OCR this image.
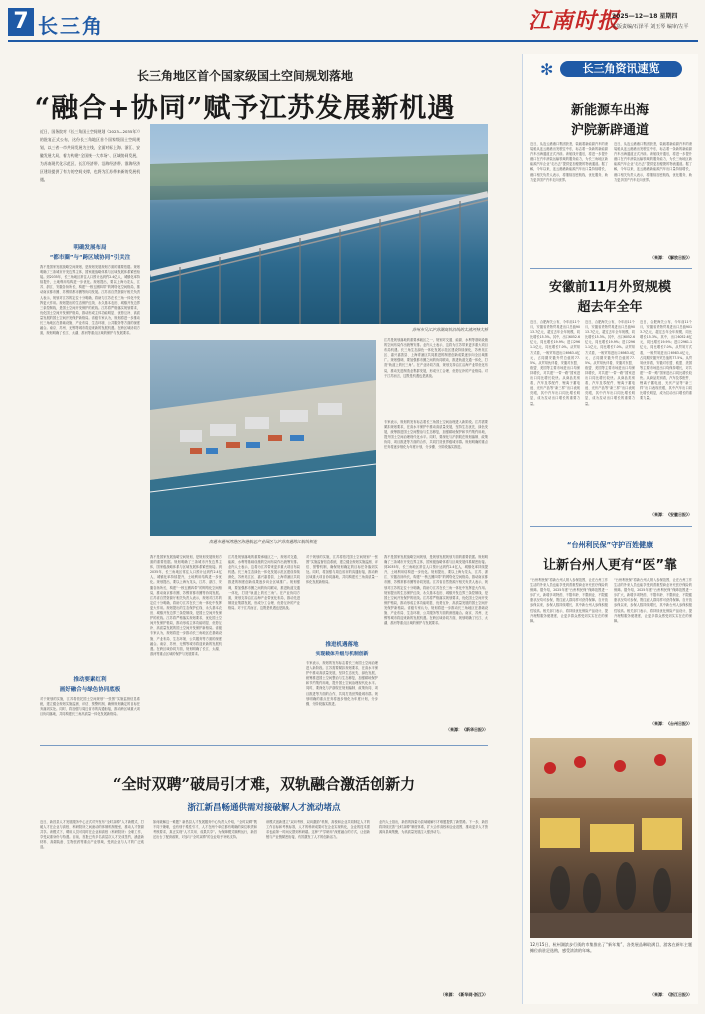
7 长三角	江南时报
2025—12—18 星期四
本版责编/石泽平 刘玉琴 编审/左平
长三角地区首个国家级国土空间规划落地
“融合+协同”赋予江苏发展新机遇
近日，国务院对《长三角国土空间规划（2023—2035年）》的批复正式公布，这份长三角地区首个国家级国土空间规划，以三省一市共同发展为主线，全面对标上海、浙江、安徽发展大局，着力构建“全国统一大市场”、区域协同发展，为苏南现代化示范区、长江经济带、沿海经济带、淮海经济区建设提供了有力的空间支撑，也将为江苏带来新的发展机遇。
苏州市吴江沪苏湖高铁沿线的太浦河特大桥
明确发展布局
“都市圈”与“跨区域协同”引关注
我不是国家发展战略空间规划，是规划发展规划方面的重要依据。规划明确了三条城市开发边界主体，国家级战略体系与区域发展体系紧密衔接。到2035年，长三角地区常住人口预计达到约2.4亿人，城镇化率持续提升，土地利用结构进一步优化。规划提出，要以上海为龙头，江苏、浙江、安徽各扬所长，构建“一核五圈四带”的网络化空间格局，推动南京都市圈、苏锡常都市圈等协同发展。江苏省自然资源厅相关负责人表示，规划对江苏的定位十分明确，将助力江苏在长三角一体化中发挥更大作用。规划提出的生态保护红线、永久基本农田、城镇开发边界三条控制线，是国土空间开发保护的底线。江苏将严格落实规划要求，优化国土空间开发保护格局，推动形成主体功能明显、优势互补、高质量发展的国土空间开发保护新格局。省级专家认为，规划将进一步推动长三角地区在基础设施、产业布局、生态环境、公共服务等方面的深度融合。南京、苏州、无锡等城市将迎来新的发展机遇。在跨区域协同方面，规划明确了长江、太湖、淮河等重点区域的保护与发展要求。
推动要素红利
画好融合与绿色协同底板
对于规划的实施，江苏将依托国土空间规划“一张图”实施监督信息系统，建立健全规划实施监测、评估、预警机制，确保规划确定的目标任务落到实处。同时，将加强与周边省市的沟通衔接，推动跨区域重大项目协同落地，共同构建长三角高质量一体化发展新格局。
江苏是规划落地的重要承载区之一，规划对交通、能源、水利等基础设施的空间布局作出统筹安排。业内人士表示，这将为江苏带来更多重大项目布局机遇。长三角生态绿色一体化发展示范区建设持续深化，苏州吴江区、嘉兴嘉善县、上海青浦区共同推进的制度创新成果逐步向全区域推广。规划强调，要加强都市圈之间的协同联动，推进轨道交通一体化，打造“轨道上的长三角”。在产业协同方面，规划支持沿江沿海产业带优化布局，推动先进制造业集群发展，形成分工合理、优势互补的产业格局。对于江苏而言，这既是机遇也是挑战。
专家表示，规划的发布标志着长三角国土空间治理进入新阶段。江苏需要紧扣规划要求，在高水平保护中推动高质量发展，坚持生态优先、绿色发展，统筹推进国土空间整治与生态修复，加强耕地保护和节约集约用地，提升国土空间治理现代化水平。同时，要深化与沪浙皖在规划编制、政策协同、项目推进等方面的合作，共同打造世界级城市群。规划明确的重点任务将逐步细化为年度计划，分步骤、分阶段落实推进。
南通市通州湾港区海港航运产业园区与沪苏南通跨江航线相连
我不是国家发展战略空间规划，是规划发展规划方面的重要依据。规划明确了三条城市开发边界主体，国家级战略体系与区域发展体系紧密衔接。到2035年，长三角地区常住人口预计达到约2.4亿人，城镇化率持续提升，土地利用结构进一步优化。规划提出，要以上海为龙头，江苏、浙江、安徽各扬所长，构建“一核五圈四带”的网络化空间格局，推动南京都市圈、苏锡常都市圈等协同发展。江苏省自然资源厅相关负责人表示，规划对江苏的定位十分明确，将助力江苏在长三角一体化中发挥更大作用。规划提出的生态保护红线、永久基本农田、城镇开发边界三条控制线，是国土空间开发保护的底线。江苏将严格落实规划要求，优化国土空间开发保护格局，推动形成主体功能明显、优势互补、高质量发展的国土空间开发保护新格局。省级专家认为，规划将进一步推动长三角地区在基础设施、产业布局、生态环境、公共服务等方面的深度融合。南京、苏州、无锡等城市将迎来新的发展机遇。在跨区域协同方面，规划明确了长江、太湖、淮河等重点区域的保护与发展要求。
江苏是规划落地的重要承载区之一，规划对交通、能源、水利等基础设施的空间布局作出统筹安排。业内人士表示，这将为江苏带来更多重大项目布局机遇。长三角生态绿色一体化发展示范区建设持续深化，苏州吴江区、嘉兴嘉善县、上海青浦区共同推进的制度创新成果逐步向全区域推广。规划强调，要加强都市圈之间的协同联动，推进轨道交通一体化，打造“轨道上的长三角”。在产业协同方面，规划支持沿江沿海产业带优化布局，推动先进制造业集群发展，形成分工合理、优势互补的产业格局。对于江苏而言，这既是机遇也是挑战。
推进机遇落地
实现载体升级与机制创新
对于规划的实施，江苏将依托国土空间规划“一张图”实施监督信息系统，建立健全规划实施监测、评估、预警机制，确保规划确定的目标任务落到实处。同时，将加强与周边省市的沟通衔接，推动跨区域重大项目协同落地，共同构建长三角高质量一体化发展新格局。
专家表示，规划的发布标志着长三角国土空间治理进入新阶段。江苏需要紧扣规划要求，在高水平保护中推动高质量发展，坚持生态优先、绿色发展，统筹推进国土空间整治与生态修复，加强耕地保护和节约集约用地，提升国土空间治理现代化水平。同时，要深化与沪浙皖在规划编制、政策协同、项目推进等方面的合作，共同打造世界级城市群。规划明确的重点任务将逐步细化为年度计划，分步骤、分阶段落实推进。
我不是国家发展战略空间规划，是规划发展规划方面的重要依据。规划明确了三条城市开发边界主体，国家级战略体系与区域发展体系紧密衔接。到2035年，长三角地区常住人口预计达到约2.4亿人，城镇化率持续提升，土地利用结构进一步优化。规划提出，要以上海为龙头，江苏、浙江、安徽各扬所长，构建“一核五圈四带”的网络化空间格局，推动南京都市圈、苏锡常都市圈等协同发展。江苏省自然资源厅相关负责人表示，规划对江苏的定位十分明确，将助力江苏在长三角一体化中发挥更大作用。规划提出的生态保护红线、永久基本农田、城镇开发边界三条控制线，是国土空间开发保护的底线。江苏将严格落实规划要求，优化国土空间开发保护格局，推动形成主体功能明显、优势互补、高质量发展的国土空间开发保护新格局。省级专家认为，规划将进一步推动长三角地区在基础设施、产业布局、生态环境、公共服务等方面的深度融合。南京、苏州、无锡等城市将迎来新的发展机遇。在跨区域协同方面，规划明确了长江、太湖、淮河等重点区域的保护与发展要求。
（来源：《新华日报》）
“全时双聘”破局引才难，双轨融合激活创新力
浙江新昌畅通供需对接破解人才流动堵点
近日，新昌县人才发展服务中心正式对外发布“全时双聘”人才新模式，打破人才在企业与高校、科研院所之间流动的体制机制壁垒，推动人才资源共享。该模式下，聘用人员可同时在企业和高校（科研院所）全职工作，享受双重身份与待遇。目前，首批已有多名高层次人才完成签约，涵盖新材料、高端装备、生物医药等重点产业领域，受到企业与人才的广泛欢迎。
如何破解这一难题？新昌县人才发展服务中心负责人介绍，“全时双聘”既不同于兼职，也有别于柔性引才，人才在两个单位都有明确的岗位职责和考核要求，真正实现“人才共用、成果共享”。为保障模式顺利运行，新昌还出台了配套政策，对参与“全时双聘”的企业给予补贴支持。
该模式创新建立“双向考核、双向激励”机制，高校和企业共同制定人才的工作目标和考核标准，人才的科研成果可在企业实现转化，企业的技术需求也能第一时间反馈到科研端。这种“产学研用”深度融合的方式，让创新链与产业链紧密衔接，有效激发了人才的创新活力。
业内人士指出，新昌的探索为县域破解引才难题提供了新思路。下一步，新昌将持续完善“全时双聘”制度体系，扩大合作高校和企业范围，推动更多人才资源向县域集聚，为高质量发展注入强劲动力。
（来源：《新华网·浙江》）
✻	长三角资讯速览
新能源车出海
沪院新辟通道
近日，从连云港港口集团获悉，装载着新能源汽车的滚装船从连云港港出发驶往中东，标志着一条新的新能源汽车出海通道正式开辟。该航线开通后，将进一步提升港口在汽车滚装运输领域的服务能力，为长三角地区新能源汽车企业“走出去”提供更加便捷的物流通道。据了解，今年以来，连云港港新能源汽车出口量持续增长，港口相关负责人表示，将继续加密航线，优化服务，助力更多国产汽车走向世界。
近日，从连云港港口集团获悉，装载着新能源汽车的滚装船从连云港港出发驶往中东，标志着一条新的新能源汽车出海通道正式开辟。该航线开通后，将进一步提升港口在汽车滚装运输领域的服务能力，为长三角地区新能源汽车企业“走出去”提供更加便捷的物流通道。据了解，今年以来，连云港港新能源汽车出口量持续增长，港口相关负责人表示，将继续加密航线，优化服务，助力更多国产汽车走向世界。
（来源：《解放日报》）
安徽前11月外贸规模
超去年全年
近日，合肥海关公布，今年前11个月，安徽省货物贸易进出口总值9013.7亿元，超过去年全年规模，同比增长15.3%。其中，出口6052.6亿元，同比增长19.9%；进口2961.1亿元，同比增长7.0%。从贸易方式看，一般贸易进出口6983.4亿元，占同期安徽外贸总值的77.5%。从贸易伙伴看，安徽对东盟、欧盟、美国等主要市场进出口均保持增长，对共建“一带一路”国家进出口同比增长较快。从商品类别看，汽车及零配件、锂离子蓄电池、光伏产品等“新三样”出口表现亮眼，其中汽车出口同比增长明显，成为拉动出口增长的重要力量。
近日，合肥海关公布，今年前11个月，安徽省货物贸易进出口总值9013.7亿元，超过去年全年规模，同比增长15.3%。其中，出口6052.6亿元，同比增长19.9%；进口2961.1亿元，同比增长7.0%。从贸易方式看，一般贸易进出口6983.4亿元，占同期安徽外贸总值的77.5%。从贸易伙伴看，安徽对东盟、欧盟、美国等主要市场进出口均保持增长，对共建“一带一路”国家进出口同比增长较快。从商品类别看，汽车及零配件、锂离子蓄电池、光伏产品等“新三样”出口表现亮眼，其中汽车出口同比增长明显，成为拉动出口增长的重要力量。
近日，合肥海关公布，今年前11个月，安徽省货物贸易进出口总值9013.7亿元，超过去年全年规模，同比增长15.3%。其中，出口6052.6亿元，同比增长19.9%；进口2961.1亿元，同比增长7.0%。从贸易方式看，一般贸易进出口6983.4亿元，占同期安徽外贸总值的77.5%。从贸易伙伴看，安徽对东盟、欧盟、美国等主要市场进出口均保持增长，对共建“一带一路”国家进出口同比增长较快。从商品类别看，汽车及零配件、锂离子蓄电池、光伏产品等“新三样”出口表现亮眼，其中汽车出口同比增长明显，成为拉动出口增长的重要力量。
（来源：《安徽日报》）
“台州利民保”守护百姓健康
让新台州人更有“医”靠
“台州利民保”将新台州人纳入参保范围，让在台州工作生活的外来人员也能享受到普惠型商业补充医疗保险的保障。据介绍，2025年度“台州利民保”保障范围进一步扩大，新增多项特药，不限年龄、不限职业、不限健康状况均可参保，既往症人群同样可获得保障。自开放参保以来，参保人数持续增长，其中新台州人参保积极性较高。相关部门表示，将持续优化保险产品设计，提升理赔服务便捷度，让更多群众感受到实实在在的保障。
“台州利民保”将新台州人纳入参保范围，让在台州工作生活的外来人员也能享受到普惠型商业补充医疗保险的保障。据介绍，2025年度“台州利民保”保障范围进一步扩大，新增多项特药，不限年龄、不限职业、不限健康状况均可参保，既往症人群同样可获得保障。自开放参保以来，参保人数持续增长，其中新台州人参保积极性较高。相关部门表示，将持续优化保险产品设计，提升理赔服务便捷度，让更多群众感受到实实在在的保障。
（来源：《台州日报》）
12月15日，杭州湖滨步行街的市集推出了“新年集”，各类展品琳琅满目，游客在新年主题摊位前驻足选购，感受浓浓的年味。
（来源：《浙江日报》）
